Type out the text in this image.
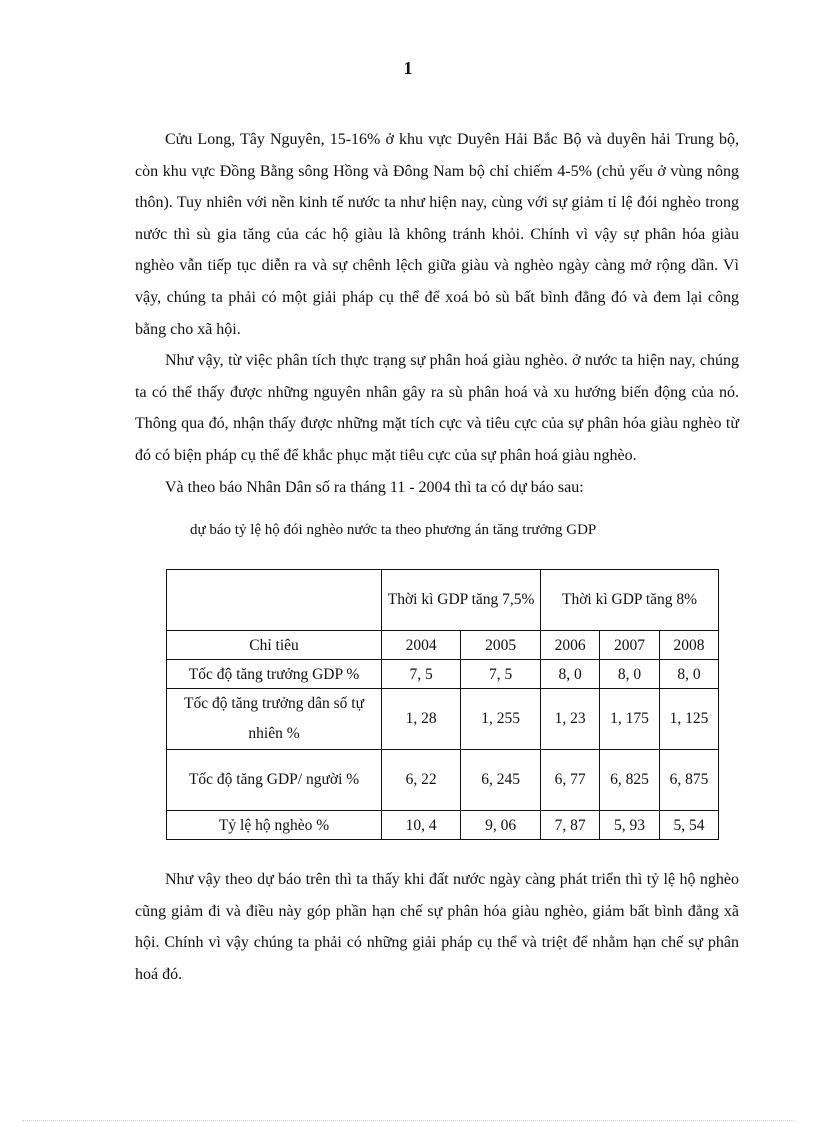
1

Cửu Long, Tây Nguyên, 15-16% ở khu vực Duyên Hải Bắc Bộ và duyên hải Trung bộ, còn khu vực Đồng Bằng sông Hồng và Đông Nam bộ chỉ chiếm 4-5% (chủ yếu ở vùng nông thôn). Tuy nhiên với nền kinh tế nước ta như hiện nay, cùng với sự giảm tỉ lệ đói nghèo trong nước thì sù gia tăng của các hộ giàu là không tránh khỏi. Chính vì vậy sự phân hóa giàu nghèo vẫn tiếp tục diễn ra và sự chênh lệch giữa giàu và nghèo ngày càng mở rộng dần. Vì vậy, chúng ta phải có một giải pháp cụ thể để xoá bỏ sù bất bình đẳng đó và đem lại công bằng cho xã hội.

Như vậy, từ việc phân tích thực trạng sự phân hoá giàu nghèo. ở nước ta hiện nay, chúng ta có thể thấy được những nguyên nhân gây ra sù phân hoá và xu hướng biến động của nó. Thông qua đó, nhận thấy được những mặt tích cực và tiêu cực của sự phân hóa giàu nghèo từ đó có biện pháp cụ thể để khắc phục mặt tiêu cực của sự phân hoá giàu nghèo.

Và theo báo Nhân Dân số ra tháng 11 - 2004 thì ta có dự báo sau:

dự báo tỷ lệ hộ đói nghèo nước ta theo phương án tăng trưởng GDP
	Thời kì GDP tăng 7,5%		Thời kì GDP tăng 8%		
Chỉ tiêu	2004	2005	2006	2007	2008
Tốc độ tăng trưởng GDP %	7, 5	7, 5	8, 0	8, 0	8, 0
Tốc độ tăng trưởng dân số tự nhiên %	1, 28	1, 255	1, 23	1, 175	1, 125
Tốc độ tăng GDP/ người %	6, 22	6, 245	6, 77	6, 825	6, 875
Tỷ lệ hộ nghèo %	10, 4	9, 06	7, 87	5, 93	5, 54

Như vậy theo dự báo trên thì ta thấy khi đất nước ngày càng phát triển thì tỷ lệ hộ nghèo cũng giảm đi và điều này góp phần hạn chế sự phân hóa giàu nghèo, giảm bất bình đẳng xã hội. Chính vì vậy chúng ta phải có những giải pháp cụ thể và triệt để nhằm hạn chế sự phân hoá đó.
